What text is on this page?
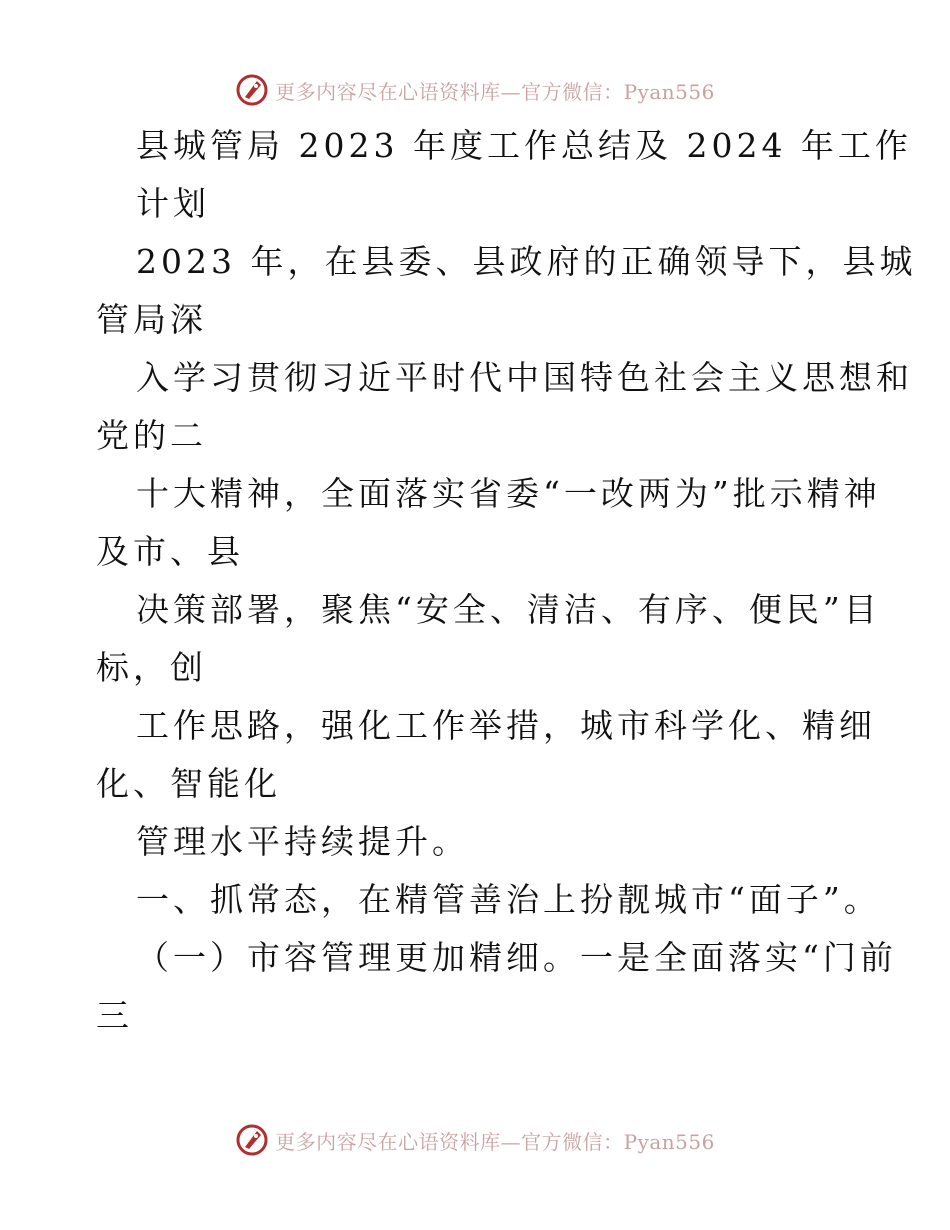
更多内容尽在心语资料库—官方微信：Pyan556
县城管局 2023 年度工作总结及 2024 年工作
计划
2023 年，在县委、县政府的正确领导下，县城
管局深
入学习贯彻习近平时代中国特色社会主义思想和
党的二
十大精神，全面落实省委“一改两为”批示精神
及市、县
决策部署，聚焦“安全、清洁、有序、便民”目
标，创
工作思路，强化工作举措，城市科学化、精细
化、智能化
管理水平持续提升。
一、抓常态，在精管善治上扮靓城市“面子”。
（一）市容管理更加精细。一是全面落实“门前
三
更多内容尽在心语资料库—官方微信：Pyan556
